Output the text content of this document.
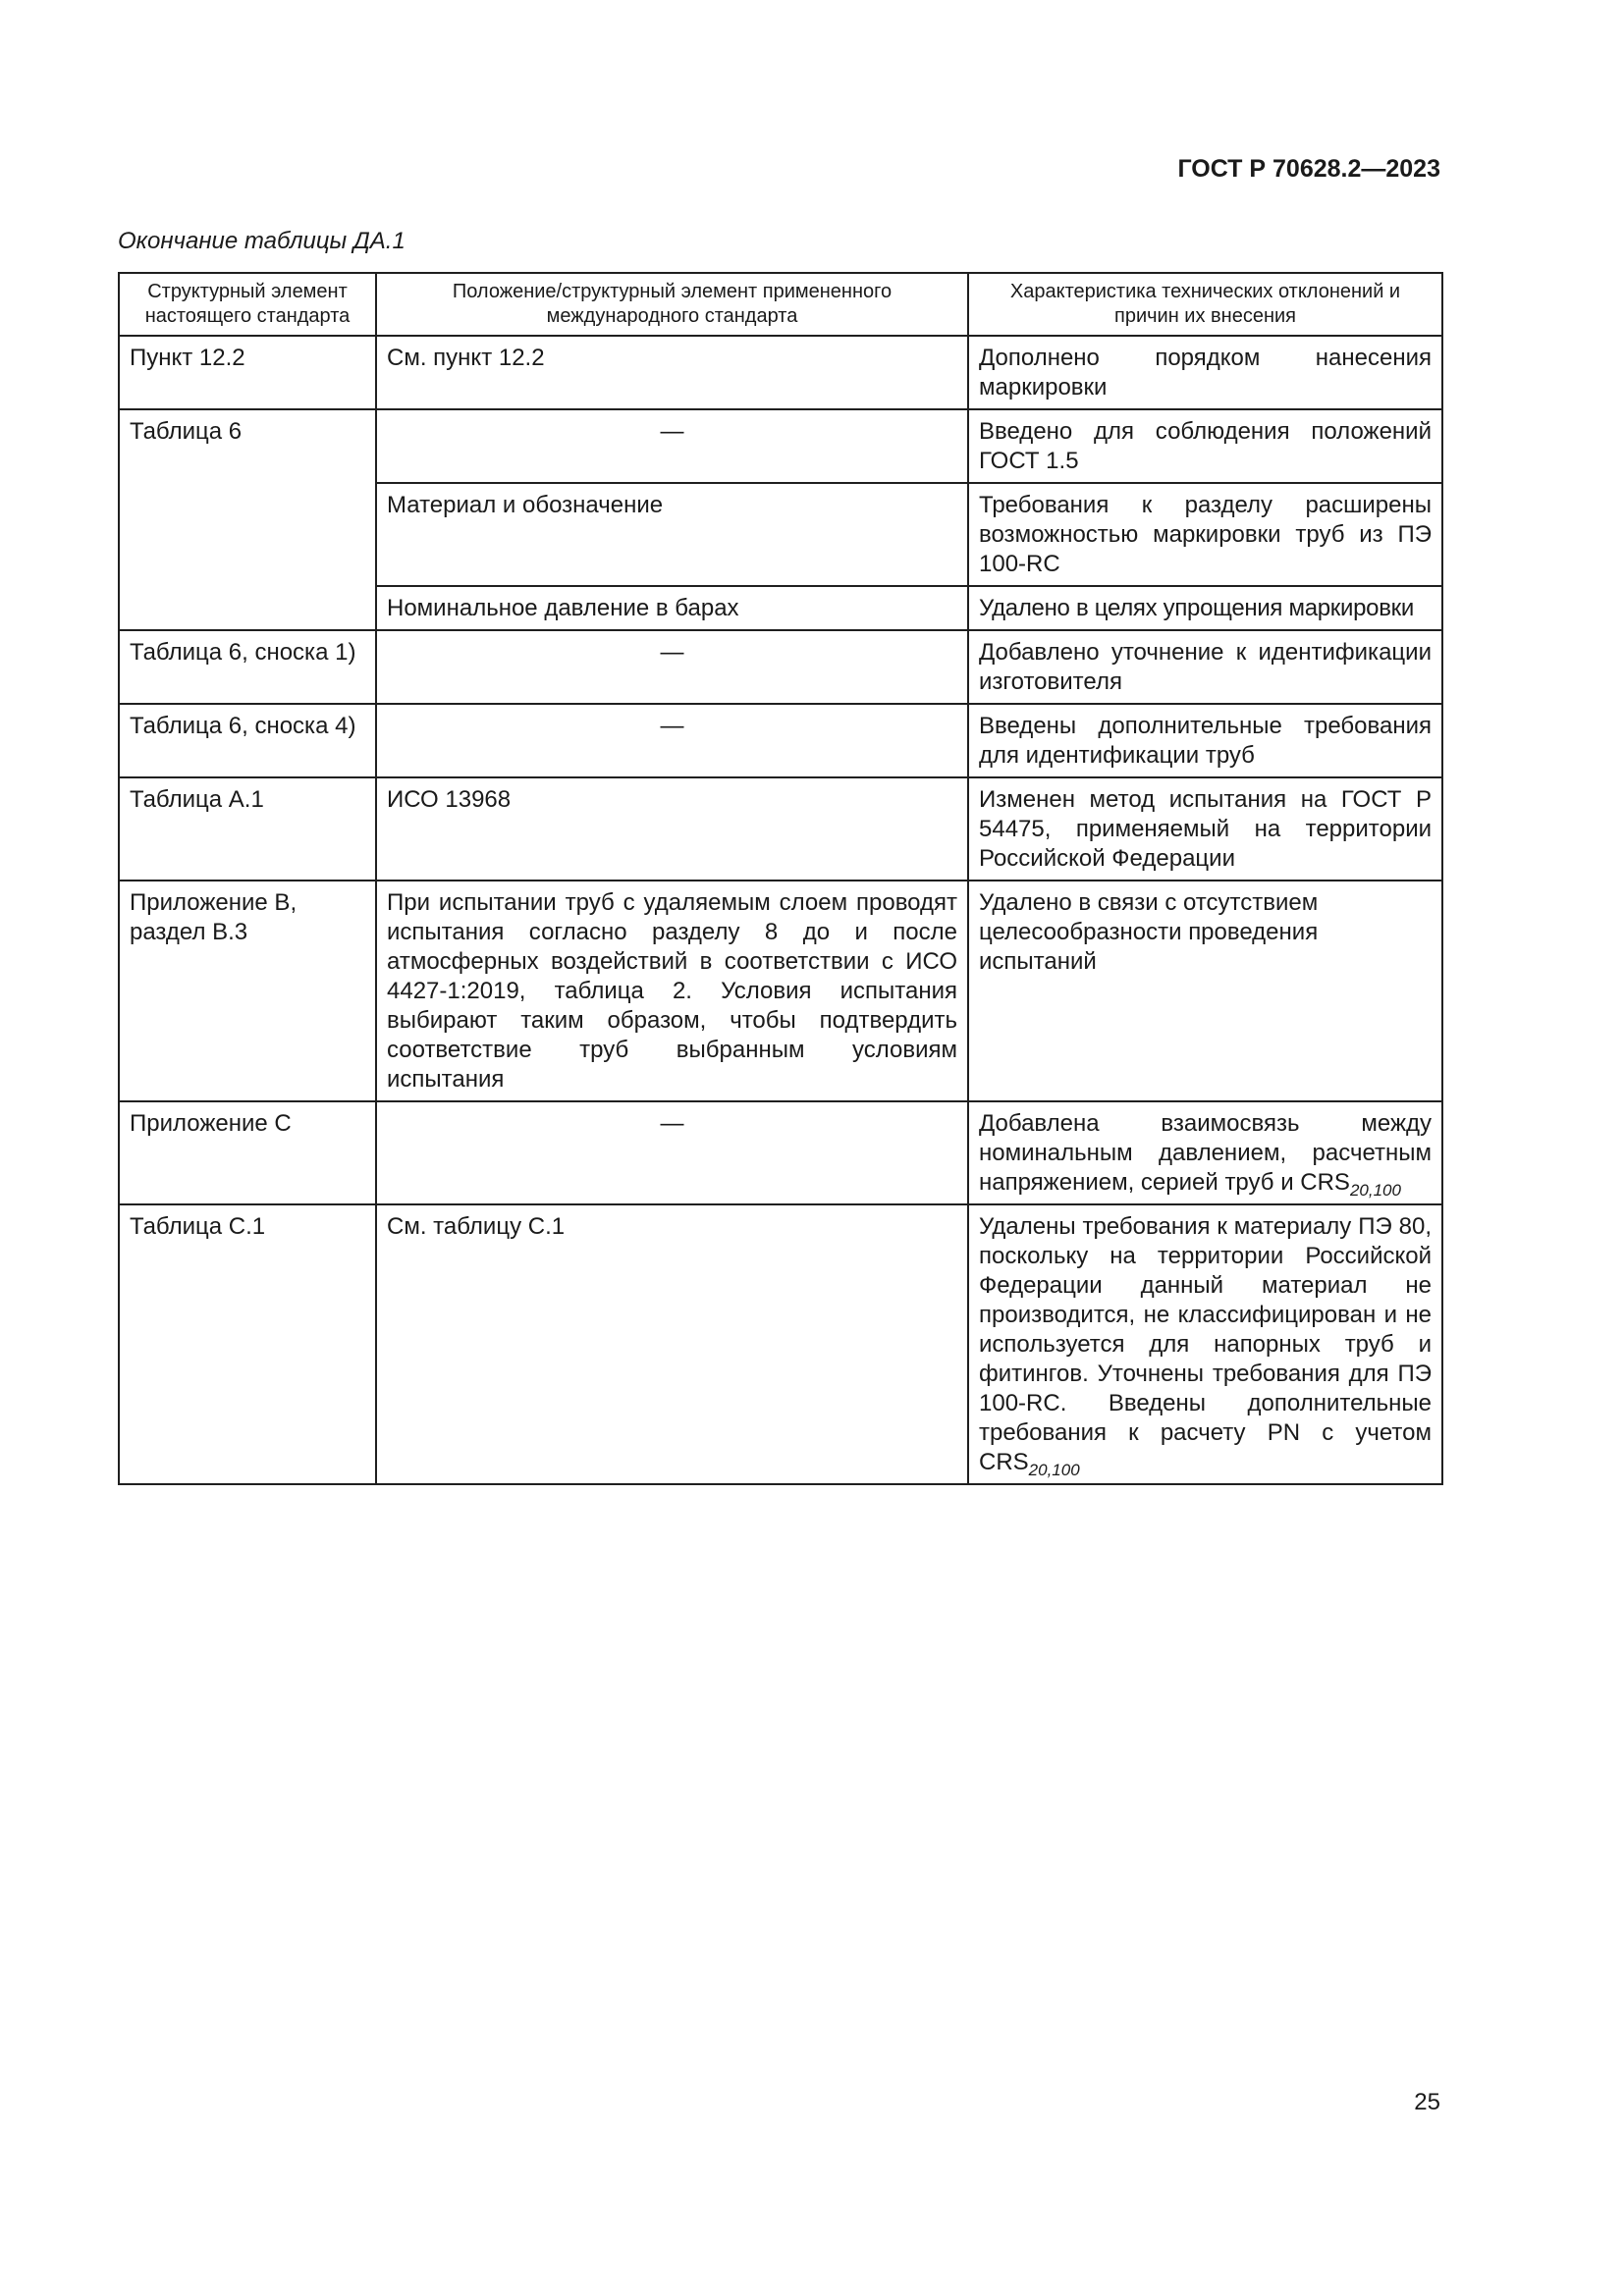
ГОСТ Р 70628.2—2023
Окончание таблицы ДА.1
Структурный элемент настоящего стандарта	Положение/структурный элемент примененного международного стандарта	Характеристика технических отклонений и причин их внесения
Пункт 12.2	См. пункт 12.2	Дополнено порядком нанесения маркировки
Таблица 6	—	Введено для соблюдения положений ГОСТ 1.5
	Материал и обозначение	Требования к разделу расширены возможностью маркировки труб из ПЭ 100-RC
	Номинальное давление в барах	Удалено в целях упрощения маркировки
Таблица 6, сноска 1)	—	Добавлено уточнение к идентификации изготовителя
Таблица 6, сноска 4)	—	Введены дополнительные требования для идентификации труб
Таблица А.1	ИСО 13968	Изменен метод испытания на ГОСТ Р 54475, применяемый на территории Российской Федерации
Приложение В, раздел В.3	При испытании труб с удаляемым слоем проводят испытания согласно разделу 8 до и после атмосферных воздействий в соответствии с ИСО 4427-1:2019, таблица 2. Условия испытания выбирают таким образом, чтобы подтвердить соответствие труб выбранным условиям испытания	Удалено в связи с отсутствием целесообразности проведения испытаний
Приложение С	—	Добавлена взаимосвязь между номинальным давлением, расчетным напряжением, серией труб и $CRS_{20,100}$
Таблица С.1	См. таблицу С.1	Удалены требования к материалу ПЭ 80, поскольку на территории Российской Федерации данный материал не производится, не классифицирован и не используется для напорных труб и фитингов. Уточнены требования для ПЭ 100-RC. Введены дополнительные требования к расчету PN с учетом $CRS_{20,100}$
25
